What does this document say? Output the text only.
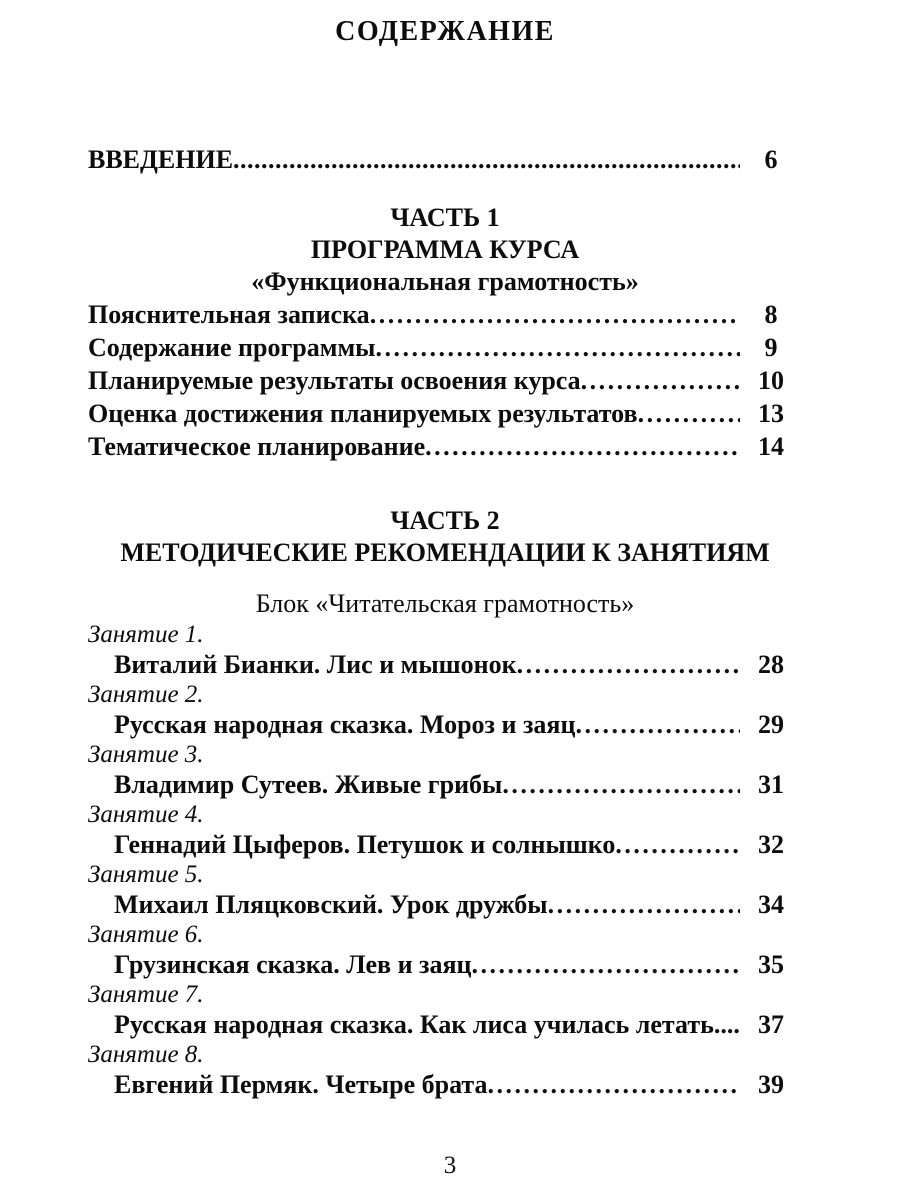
СОДЕРЖАНИЕ
ВВЕДЕНИЕ .....	6
ЧАСТЬ 1
ПРОГРАММА КУРСА
«Функциональная грамотность»
Пояснительная записка .....	8
Содержание программы .....	9
Планируемые результаты освоения курса .....	10
Оценка достижения планируемых результатов .....	13
Тематическое планирование .....	14
ЧАСТЬ 2
МЕТОДИЧЕСКИЕ РЕКОМЕНДАЦИИ К ЗАНЯТИЯМ
Блок «Читательская грамотность»
Занятие 1.
Виталий Бианки. Лис и мышонок .....	28
Занятие 2.
Русская народная сказка. Мороз и заяц .....	29
Занятие 3.
Владимир Сутеев. Живые грибы .....	31
Занятие 4.
Геннадий Цыферов. Петушок и солнышко .....	32
Занятие 5.
Михаил Пляцковский. Урок дружбы .....	34
Занятие 6.
Грузинская сказка. Лев и заяц .....	35
Занятие 7.
Русская народная сказка. Как лиса училась летать... ..... 37
Занятие 8.
Евгений Пермяк. Четыре брата .....	39
3
